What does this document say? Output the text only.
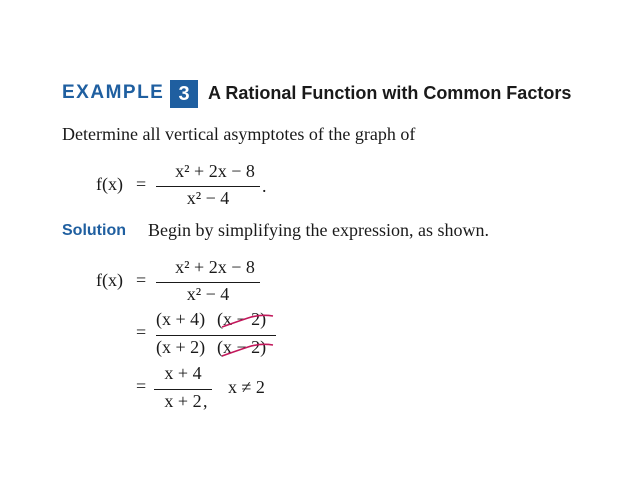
EXAMPLE 3	A Rational Function with Common Factors
Determine all vertical asymptotes of the graph of
f(x) =
x² + 2x − 8
x² − 4
.
Solution Begin by simplifying the expression, as shown.
f(x) =
x² + 2x − 8
x² − 4
=
(x + 4) (x − 2)
(x + 2) (x − 2)
=
x + 4
x + 2 ,
x ≠ 2
